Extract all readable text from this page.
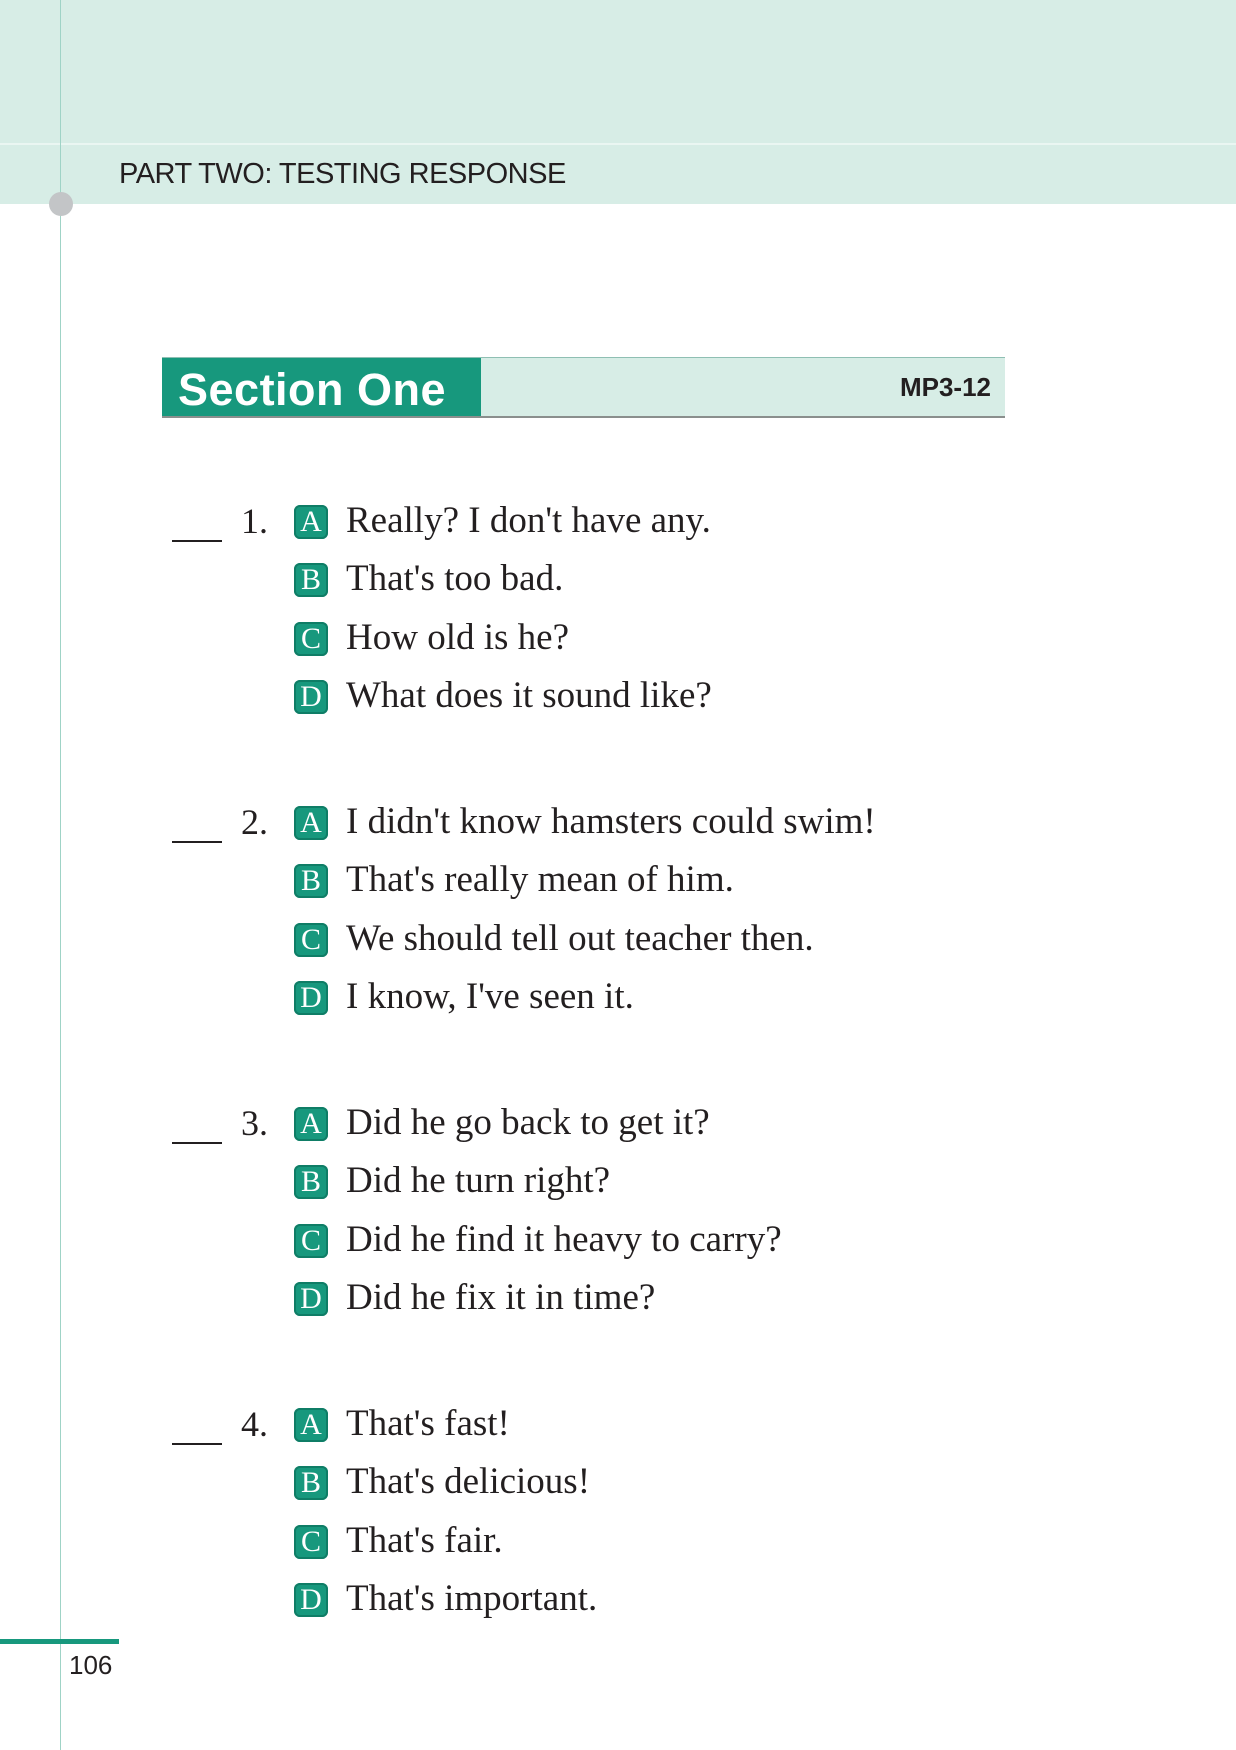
PART TWO: TESTING RESPONSE
Section One	MP3-12
1. A Really? I don't have any.
B That's too bad.
C How old is he?
D What does it sound like?
2. A I didn't know hamsters could swim!
B That's really mean of him.
C We should tell out teacher then.
D I know, I've seen it.
3. A Did he go back to get it?
B Did he turn right?
C Did he find it heavy to carry?
D Did he fix it in time?
4. A That's fast!
B That's delicious!
C That's fair.
D That's important.
106
